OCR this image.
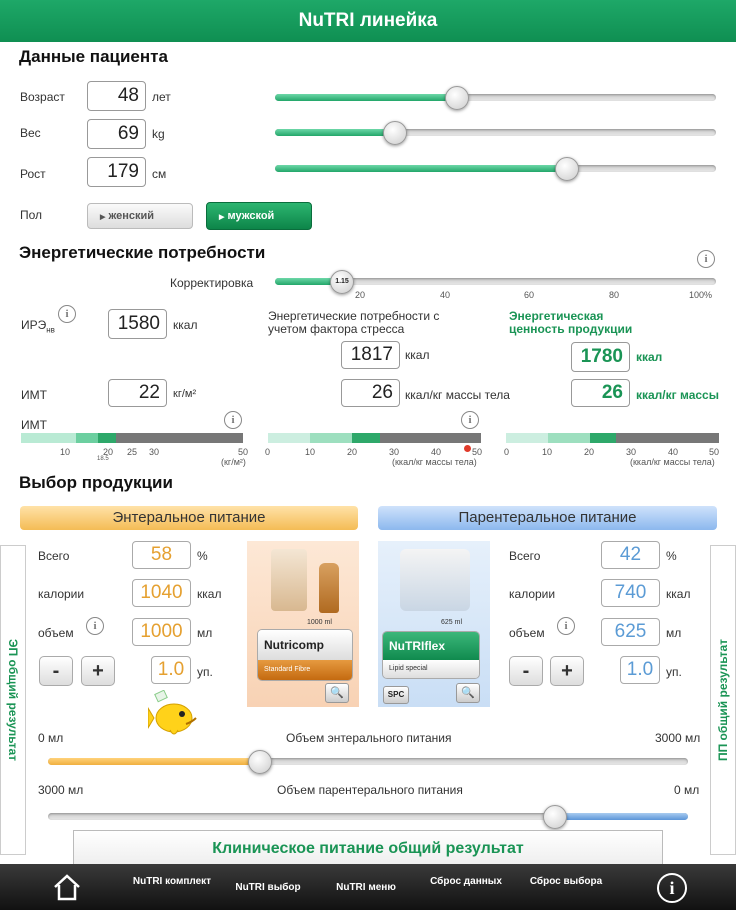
NuTRI линейка
Данные пациента
Возраст	48	лет
Вес	69	kg
Рост	179	см
Пол	▶ женский	▶ мужской
Энергетические потребности	i
Корректировка	1.15
20	40	60	80	100%
$ИРЭ_{нв}$
i	1580	ккал
Энергетические потребности с учетом фактора стресса
1817	ккал
Энергетическая ценность продукции
1780	ккал
ИМТ	22	кг/м²	26	ккал/кг массы тела	26	ккал/кг массы
ИМТ	i
10	20
18.5
25 30	50
(кг/м²)
i
0	10	20	30	40	50
(ккал/кг массы тела)
0	10	20	30	40	50
(ккал/кг массы тела)
Выбор продукции
Энтеральное питание	Парентеральное питание
ЭП общий результат	ПП общий результат
Всего	58	%
калории	1040	ккал
объем	i	1000	мл
-	+	1.0	уп.
1000 ml
Nutricomp
Standard Fibre
🔍
625 ml
NuTRIflex
Lipid special
SPC	🔍
Всего	42	%
калории	740	ккал
объем	i	625	мл
-	+	1.0	уп.
0 мл	Объем энтерального питания	3000 мл
3000 мл	Объем парентерального питания	0 мл
Клиническое питание общий результат
NuTRI комплект
NuTRI выбор	NuTRI меню
Сброс данных	Сброс выбора	i
